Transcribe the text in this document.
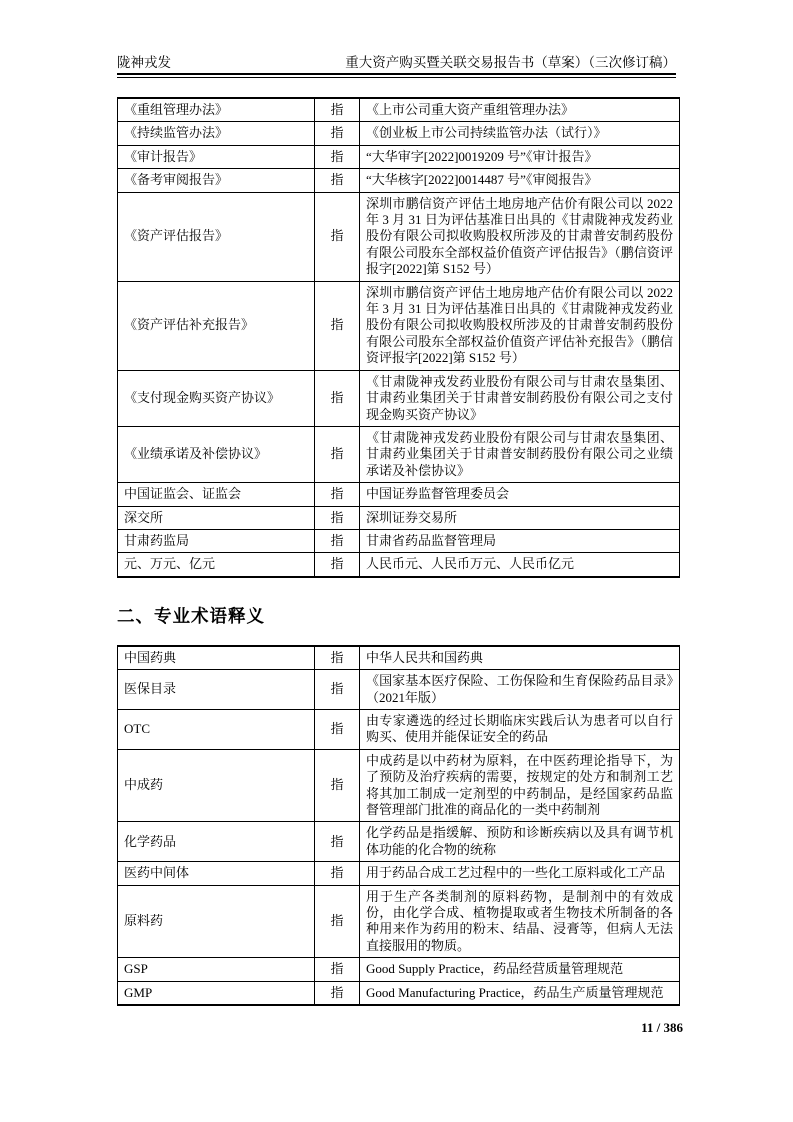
陇神戎发	重大资产购买暨关联交易报告书（草案）（三次修订稿）
《重组管理办法》	指	《上市公司重大资产重组管理办法》
《持续监管办法》	指	《创业板上市公司持续监管办法（试行）》
《审计报告》	指	“大华审字[2022]0019209 号”《审计报告》
《备考审阅报告》	指	“大华核字[2022]0014487 号”《审阅报告》
《资产评估报告》	指	深圳市鹏信资产评估土地房地产估价有限公司以 2022 年 3 月 31 日为评估基准日出具的《甘肃陇神戎发药业股份有限公司拟收购股权所涉及的甘肃普安制药股份有限公司股东全部权益价值资产评估报告》（鹏信资评报字[2022]第 S152 号）
《资产评估补充报告》	指	深圳市鹏信资产评估土地房地产估价有限公司以 2022 年 3 月 31 日为评估基准日出具的《甘肃陇神戎发药业股份有限公司拟收购股权所涉及的甘肃普安制药股份有限公司股东全部权益价值资产评估补充报告》（鹏信资评报字[2022]第 S152 号）
《支付现金购买资产协议》	指	《甘肃陇神戎发药业股份有限公司与甘肃农垦集团、甘肃药业集团关于甘肃普安制药股份有限公司之支付现金购买资产协议》
《业绩承诺及补偿协议》	指	《甘肃陇神戎发药业股份有限公司与甘肃农垦集团、甘肃药业集团关于甘肃普安制药股份有限公司之业绩承诺及补偿协议》
中国证监会、证监会	指	中国证券监督管理委员会
深交所	指	深圳证券交易所
甘肃药监局	指	甘肃省药品监督管理局
元、万元、亿元	指	人民币元、人民币万元、人民币亿元
二、专业术语释义
中国药典	指	中华人民共和国药典
医保目录	指	《国家基本医疗保险、工伤保险和生育保险药品目录》（2021年版）
OTC	指	由专家遴选的经过长期临床实践后认为患者可以自行购买、使用并能保证安全的药品
中成药	指	中成药是以中药材为原料，在中医药理论指导下，为了预防及治疗疾病的需要，按规定的处方和制剂工艺将其加工制成一定剂型的中药制品，是经国家药品监督管理部门批准的商品化的一类中药制剂
化学药品	指	化学药品是指缓解、预防和诊断疾病以及具有调节机体功能的化合物的统称
医药中间体	指	用于药品合成工艺过程中的一些化工原料或化工产品
原料药	指	用于生产各类制剂的原料药物，是制剂中的有效成份，由化学合成、植物提取或者生物技术所制备的各种用来作为药用的粉末、结晶、浸膏等，但病人无法直接服用的物质。
GSP	指	Good Supply Practice，药品经营质量管理规范
GMP	指	Good Manufacturing Practice，药品生产质量管理规范
11 / 386
